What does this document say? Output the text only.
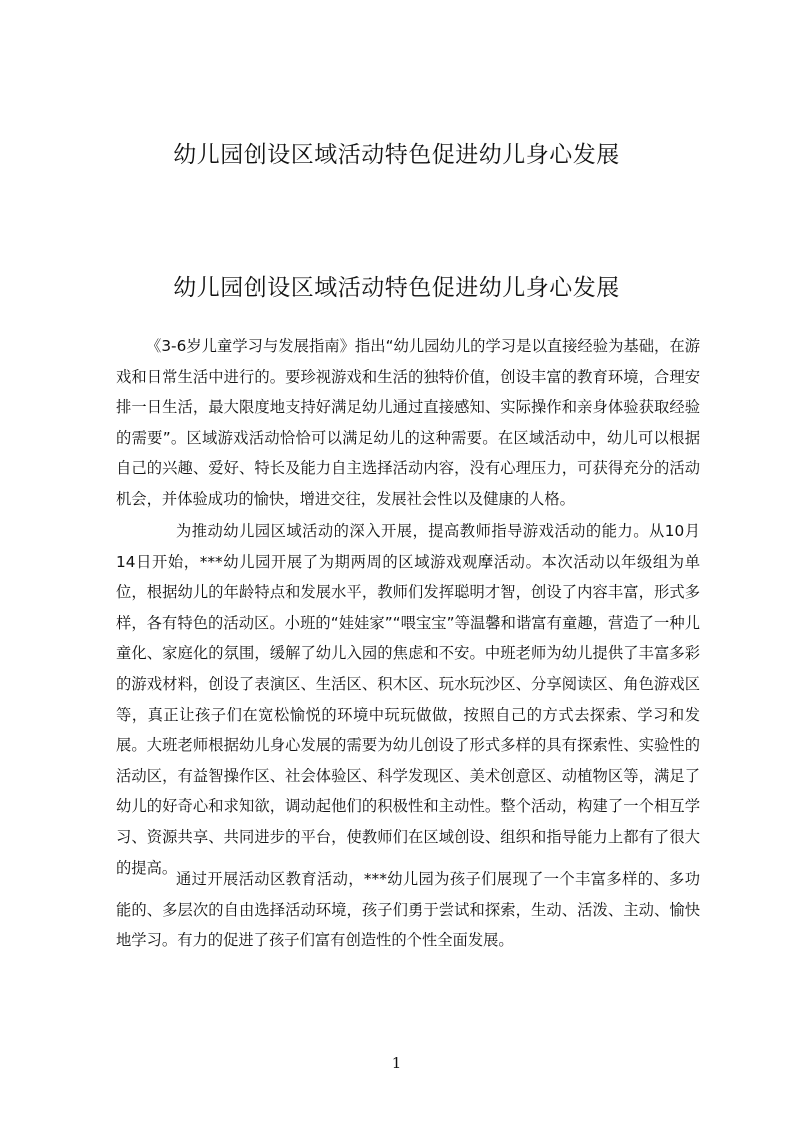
幼儿园创设区域活动特色促进幼儿身心发展
幼儿园创设区域活动特色促进幼儿身心发展

《3-6岁儿童学习与发展指南》指出“幼儿园幼儿的学习是以直接经验为基础，在游戏和日常生活中进行的。要珍视游戏和生活的独特价值，创设丰富的教育环境，合理安排一日生活，最大限度地支持好满足幼儿通过直接感知、实际操作和亲身体验获取经验的需要”。区域游戏活动恰恰可以满足幼儿的这种需要。在区域活动中，幼儿可以根据自己的兴趣、爱好、特长及能力自主选择活动内容，没有心理压力，可获得充分的活动机会，并体验成功的愉快，增进交往，发展社会性以及健康的人格。

为推动幼儿园区域活动的深入开展，提高教师指导游戏活动的能力。从10月14日开始，***幼儿园开展了为期两周的区域游戏观摩活动。本次活动以年级组为单位，根据幼儿的年龄特点和发展水平，教师们发挥聪明才智，创设了内容丰富，形式多样，各有特色的活动区。小班的“娃娃家”“喂宝宝”等温馨和谐富有童趣，营造了一种儿童化、家庭化的氛围，缓解了幼儿入园的焦虑和不安。中班老师为幼儿提供了丰富多彩的游戏材料，创设了表演区、生活区、积木区、玩水玩沙区、分享阅读区、角色游戏区等，真正让孩子们在宽松愉悦的环境中玩玩做做，按照自己的方式去探索、学习和发展。大班老师根据幼儿身心发展的需要为幼儿创设了形式多样的具有探索性、实验性的活动区，有益智操作区、社会体验区、科学发现区、美术创意区、动植物区等，满足了幼儿的好奇心和求知欲，调动起他们的积极性和主动性。整个活动，构建了一个相互学习、资源共享、共同进步的平台，使教师们在区域创设、组织和指导能力上都有了很大的提高。

通过开展活动区教育活动，***幼儿园为孩子们展现了一个丰富多样的、多功能的、多层次的自由选择活动环境，孩子们勇于尝试和探索，生动、活泼、主动、愉快地学习。有力的促进了孩子们富有创造性的个性全面发展。

1
